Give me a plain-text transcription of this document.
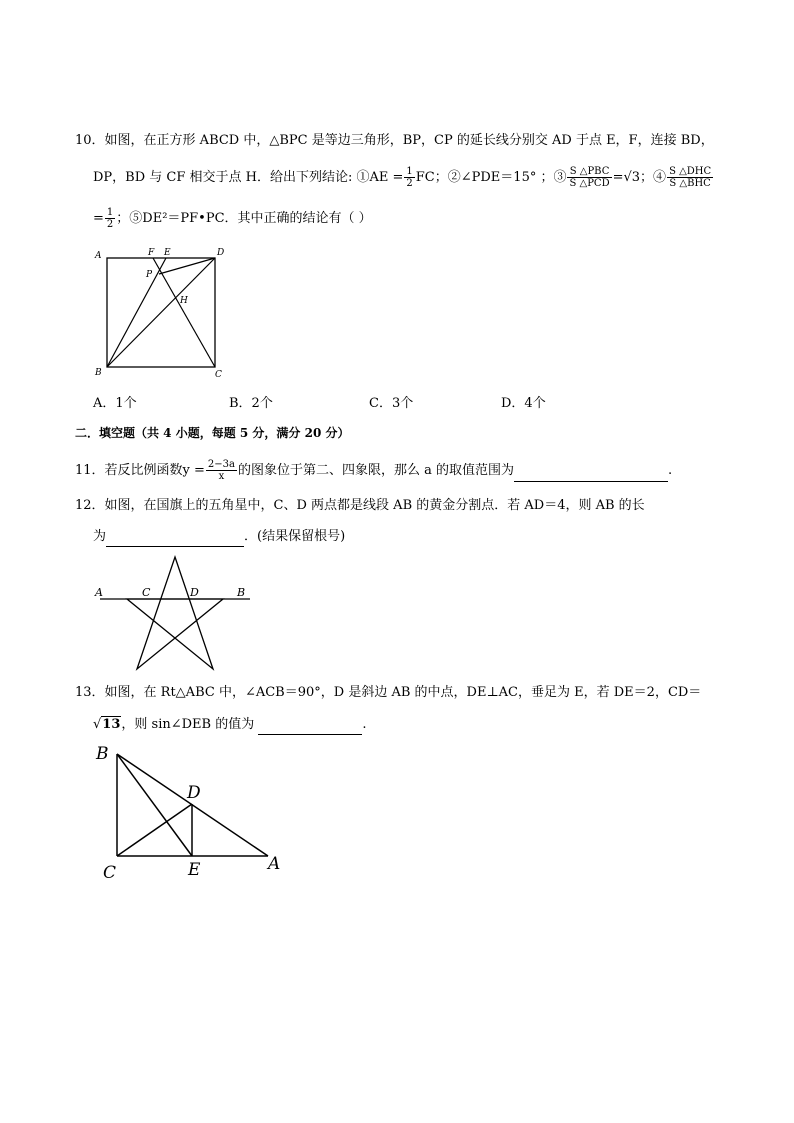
10．如图，在正方形 ABCD 中，△BPC 是等边三角形，BP，CP 的延长线分别交 AD 于点 E，F，连接 BD，
DP，BD 与 CF 相交于点 H．给出下列结论: ①AE = $\frac{1}{2}$ FC；②∠PDE＝15° ；③ $\frac{\text{S △PBC}}{\text{S △PCD}} =√3$；④ $\frac{\text{S △DHC}}{\text{S △BHC}}$
= $\frac{1}{2}$ ；⑤DE²＝PF•PC．其中正确的结论有（ ）
A	F E	D
P
H
B	C
A．1个	B．2个	C．3个	D．4个
二．填空题（共 4 小题，每题 5 分，满分 20 分）
11．若反比例函数$y = \frac{2-3a}{x}$ 的图象位于第二、四象限，那么 a 的取值范围为	.
12．如图，在国旗上的五角星中，C、D 两点都是线段 AB 的黄金分割点．若 AD＝4，则 AB 的长
为	．(结果保留根号)
A	C	D	B
13．如图，在 Rt△ABC 中，∠ACB＝90°，D 是斜边 AB 的中点，DE⊥AC，垂足为 E，若 DE＝2，CD＝
√13，则 sin∠DEB 的值为	.
B
D
C	E	A
